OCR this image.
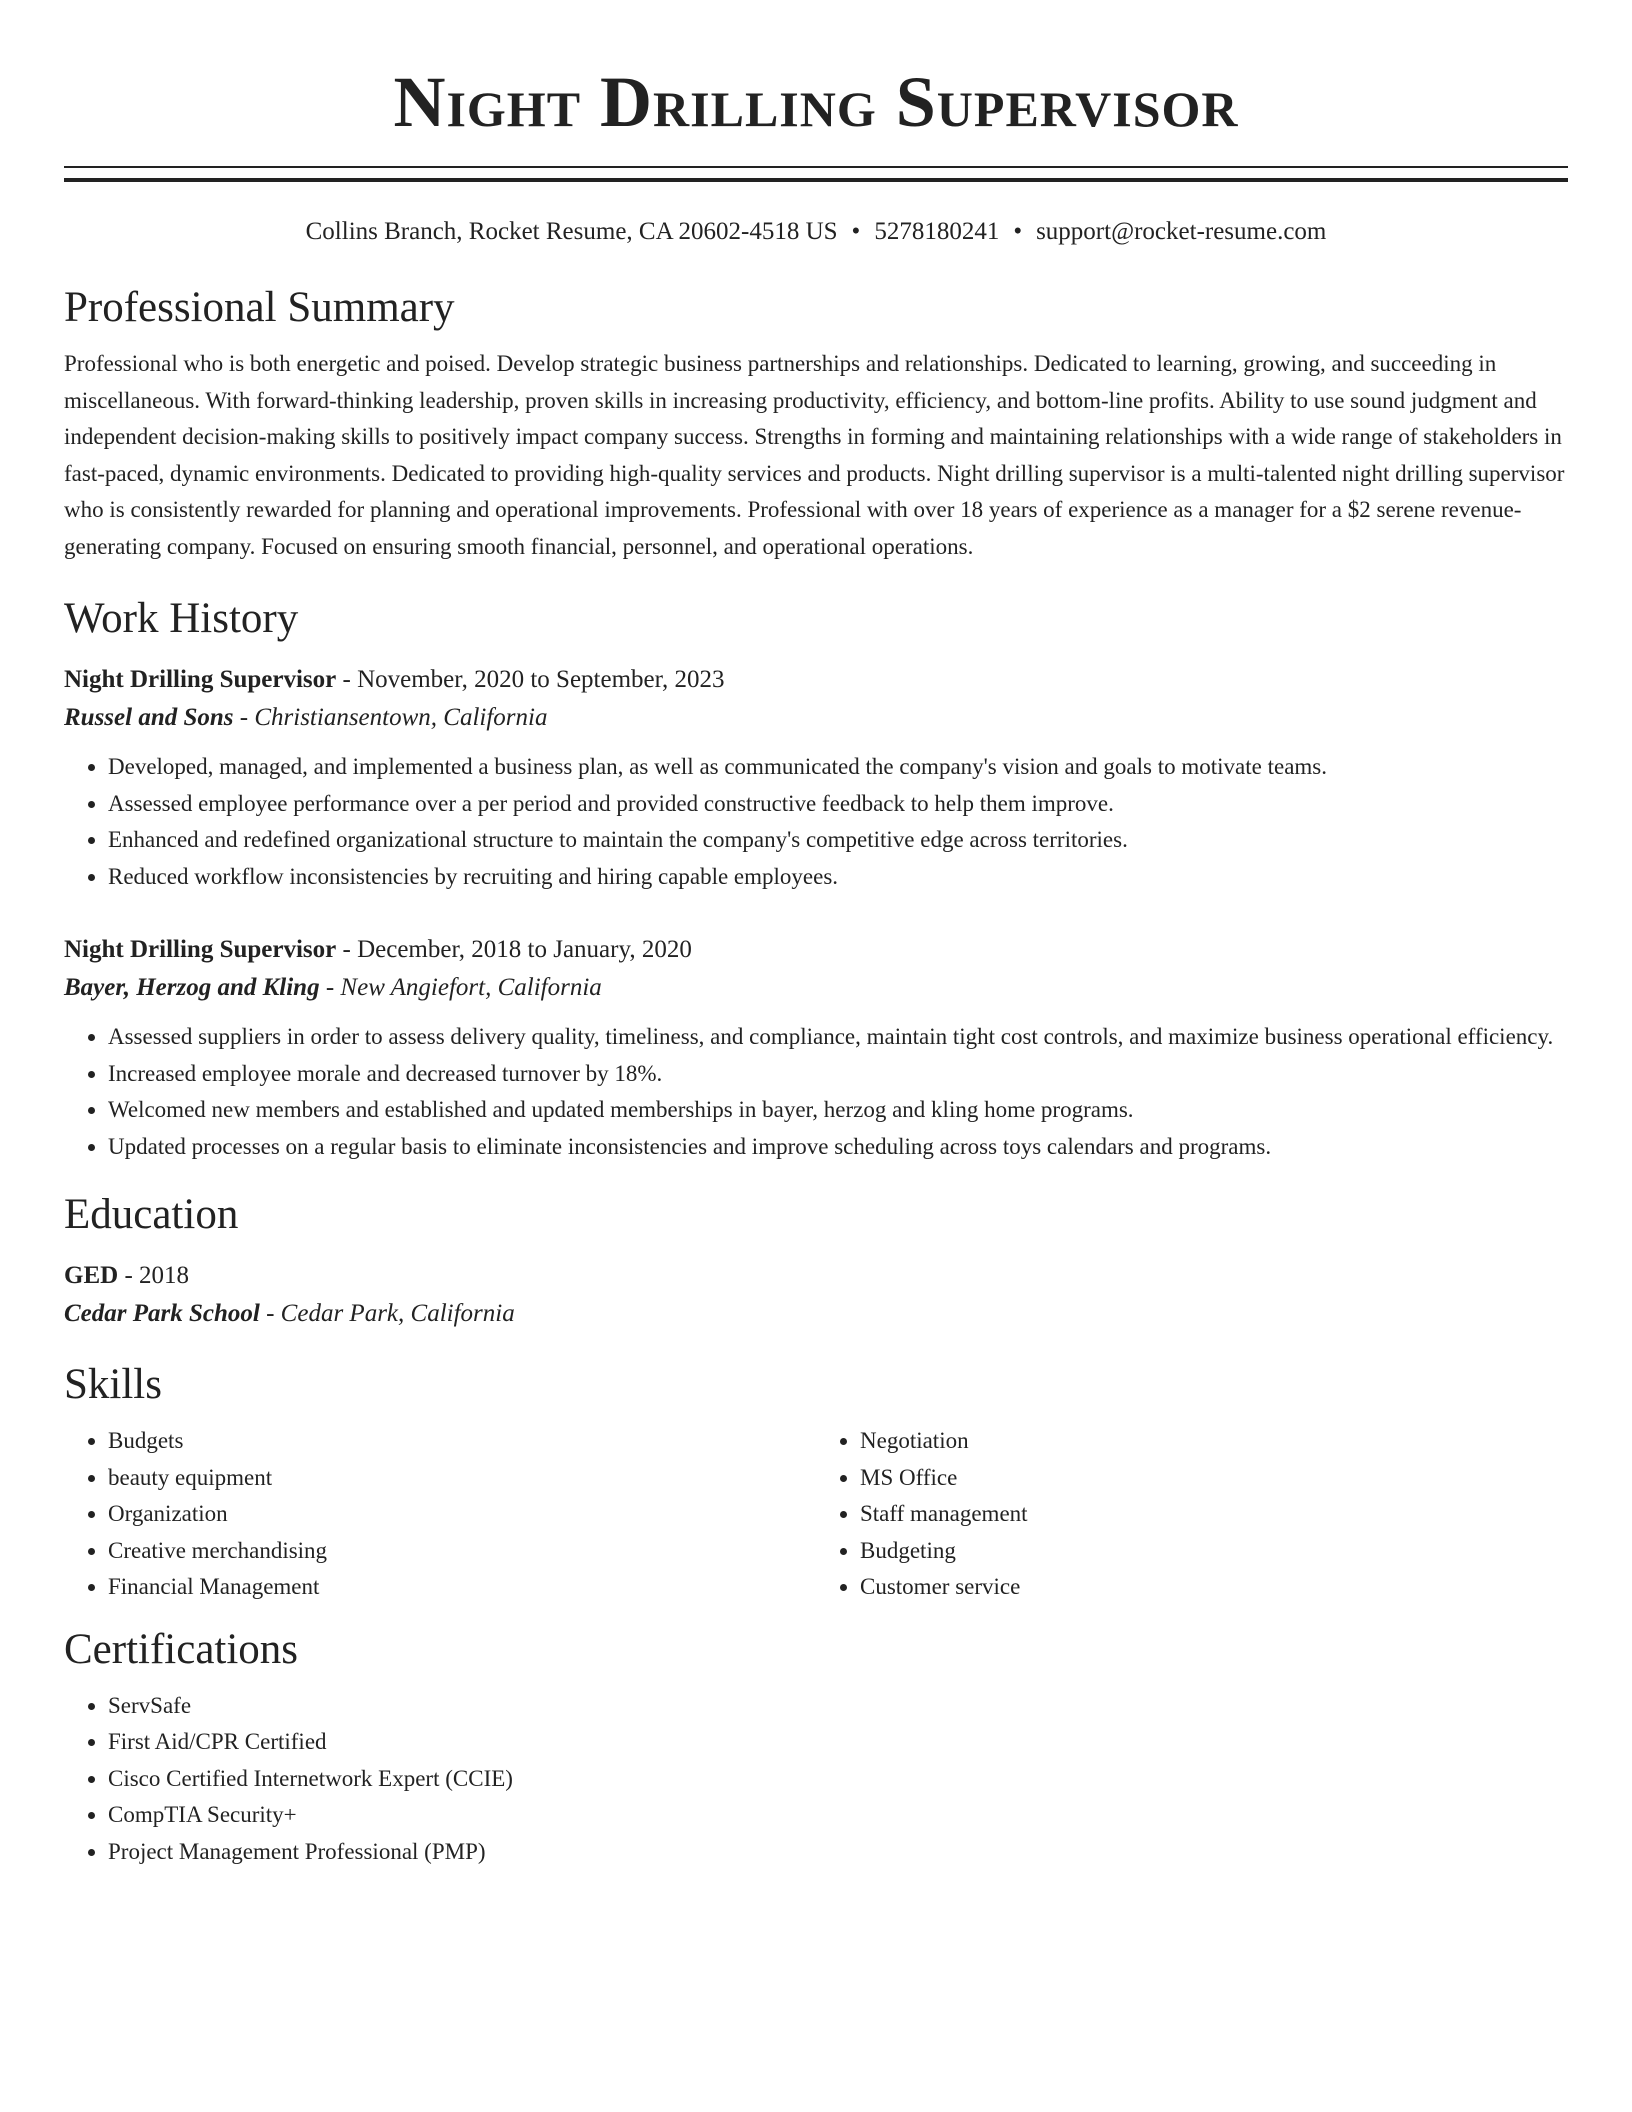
Night Drilling Supervisor
Collins Branch, Rocket Resume, CA 20602-4518 US • 5278180241 • support@rocket-resume.com
Professional Summary
Professional who is both energetic and poised. Develop strategic business partnerships and relationships. Dedicated to learning, growing, and succeeding in miscellaneous. With forward-thinking leadership, proven skills in increasing productivity, efficiency, and bottom-line profits. Ability to use sound judgment and independent decision-making skills to positively impact company success. Strengths in forming and maintaining relationships with a wide range of stakeholders in fast-paced, dynamic environments. Dedicated to providing high-quality services and products. Night drilling supervisor is a multi-talented night drilling supervisor who is consistently rewarded for planning and operational improvements. Professional with over 18 years of experience as a manager for a $2 serene revenue-generating company. Focused on ensuring smooth financial, personnel, and operational operations.
Work History
Night Drilling Supervisor - November, 2020 to September, 2023
Russel and Sons - Christiansentown, California
• Developed, managed, and implemented a business plan, as well as communicated the company's vision and goals to motivate teams.
• Assessed employee performance over a per period and provided constructive feedback to help them improve.
• Enhanced and redefined organizational structure to maintain the company's competitive edge across territories.
• Reduced workflow inconsistencies by recruiting and hiring capable employees.
Night Drilling Supervisor - December, 2018 to January, 2020
Bayer, Herzog and Kling - New Angiefort, California
• Assessed suppliers in order to assess delivery quality, timeliness, and compliance, maintain tight cost controls, and maximize business operational efficiency.
• Increased employee morale and decreased turnover by 18%.
• Welcomed new members and established and updated memberships in bayer, herzog and kling home programs.
• Updated processes on a regular basis to eliminate inconsistencies and improve scheduling across toys calendars and programs.
Education
GED - 2018
Cedar Park School - Cedar Park, California
Skills
• Budgets
• beauty equipment
• Organization
• Creative merchandising
• Financial Management
• Negotiation
• MS Office
• Staff management
• Budgeting
• Customer service
Certifications
• ServSafe
• First Aid/CPR Certified
• Cisco Certified Internetwork Expert (CCIE)
• CompTIA Security+
• Project Management Professional (PMP)
